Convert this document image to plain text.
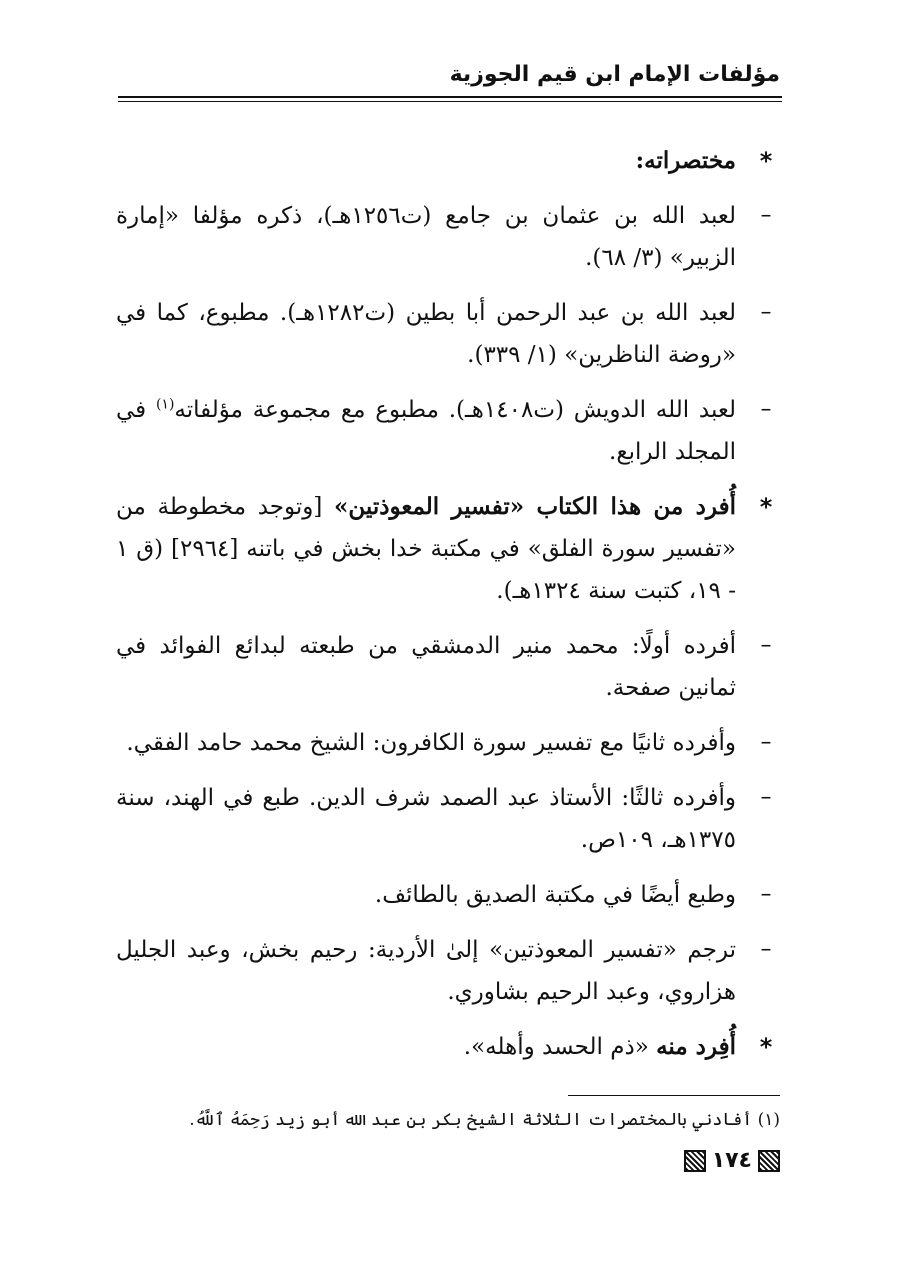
مؤلفات الإمام ابن قيم الجوزية
*
مختصراته:
–
لعبد الله بن عثمان بن جامع (ت١٢٥٦هـ)، ذكره مؤلفا «إمارة الزبير» (٣/ ٦٨).
–
لعبد الله بن عبد الرحمن أبا بطين (ت١٢٨٢هـ). مطبوع، كما في «روضة الناظرين» (١/ ٣٣٩).
–
لعبد الله الدويش (ت١٤٠٨هـ). مطبوع مع مجموعة مؤلفاته$^{(١)}$ في المجلد الرابع.
*
أُفرد من هذا الكتاب «تفسير المعوذتين» [وتوجد مخطوطة من «تفسير سورة الفلق» في مكتبة خدا بخش في باتنه [٢٩٦٤] (ق ١ - ١٩، كتبت سنة ١٣٢٤هـ).
–
أفرده أولًا: محمد منير الدمشقي من طبعته لبدائع الفوائد في ثمانين صفحة.
–
وأفرده ثانيًا مع تفسير سورة الكافرون: الشيخ محمد حامد الفقي.
–
وأفرده ثالثًا: الأستاذ عبد الصمد شرف الدين. طبع في الهند، سنة ١٣٧٥هـ، ١٠٩ص.
–
وطبع أيضًا في مكتبة الصديق بالطائف.
–
ترجم «تفسير المعوذتين» إلىٰ الأردية: رحيم بخش، وعبد الجليل هزاروي، وعبد الرحيم بشاوري.
*
أُفِرد منه «ذم الحسد وأهله».
(١) أفادني بالمختصرات الثلاثة الشيخ بكر بن عبد الله أبو زيد رَحِمَهُ ٱللَّهُ.
١٧٤
